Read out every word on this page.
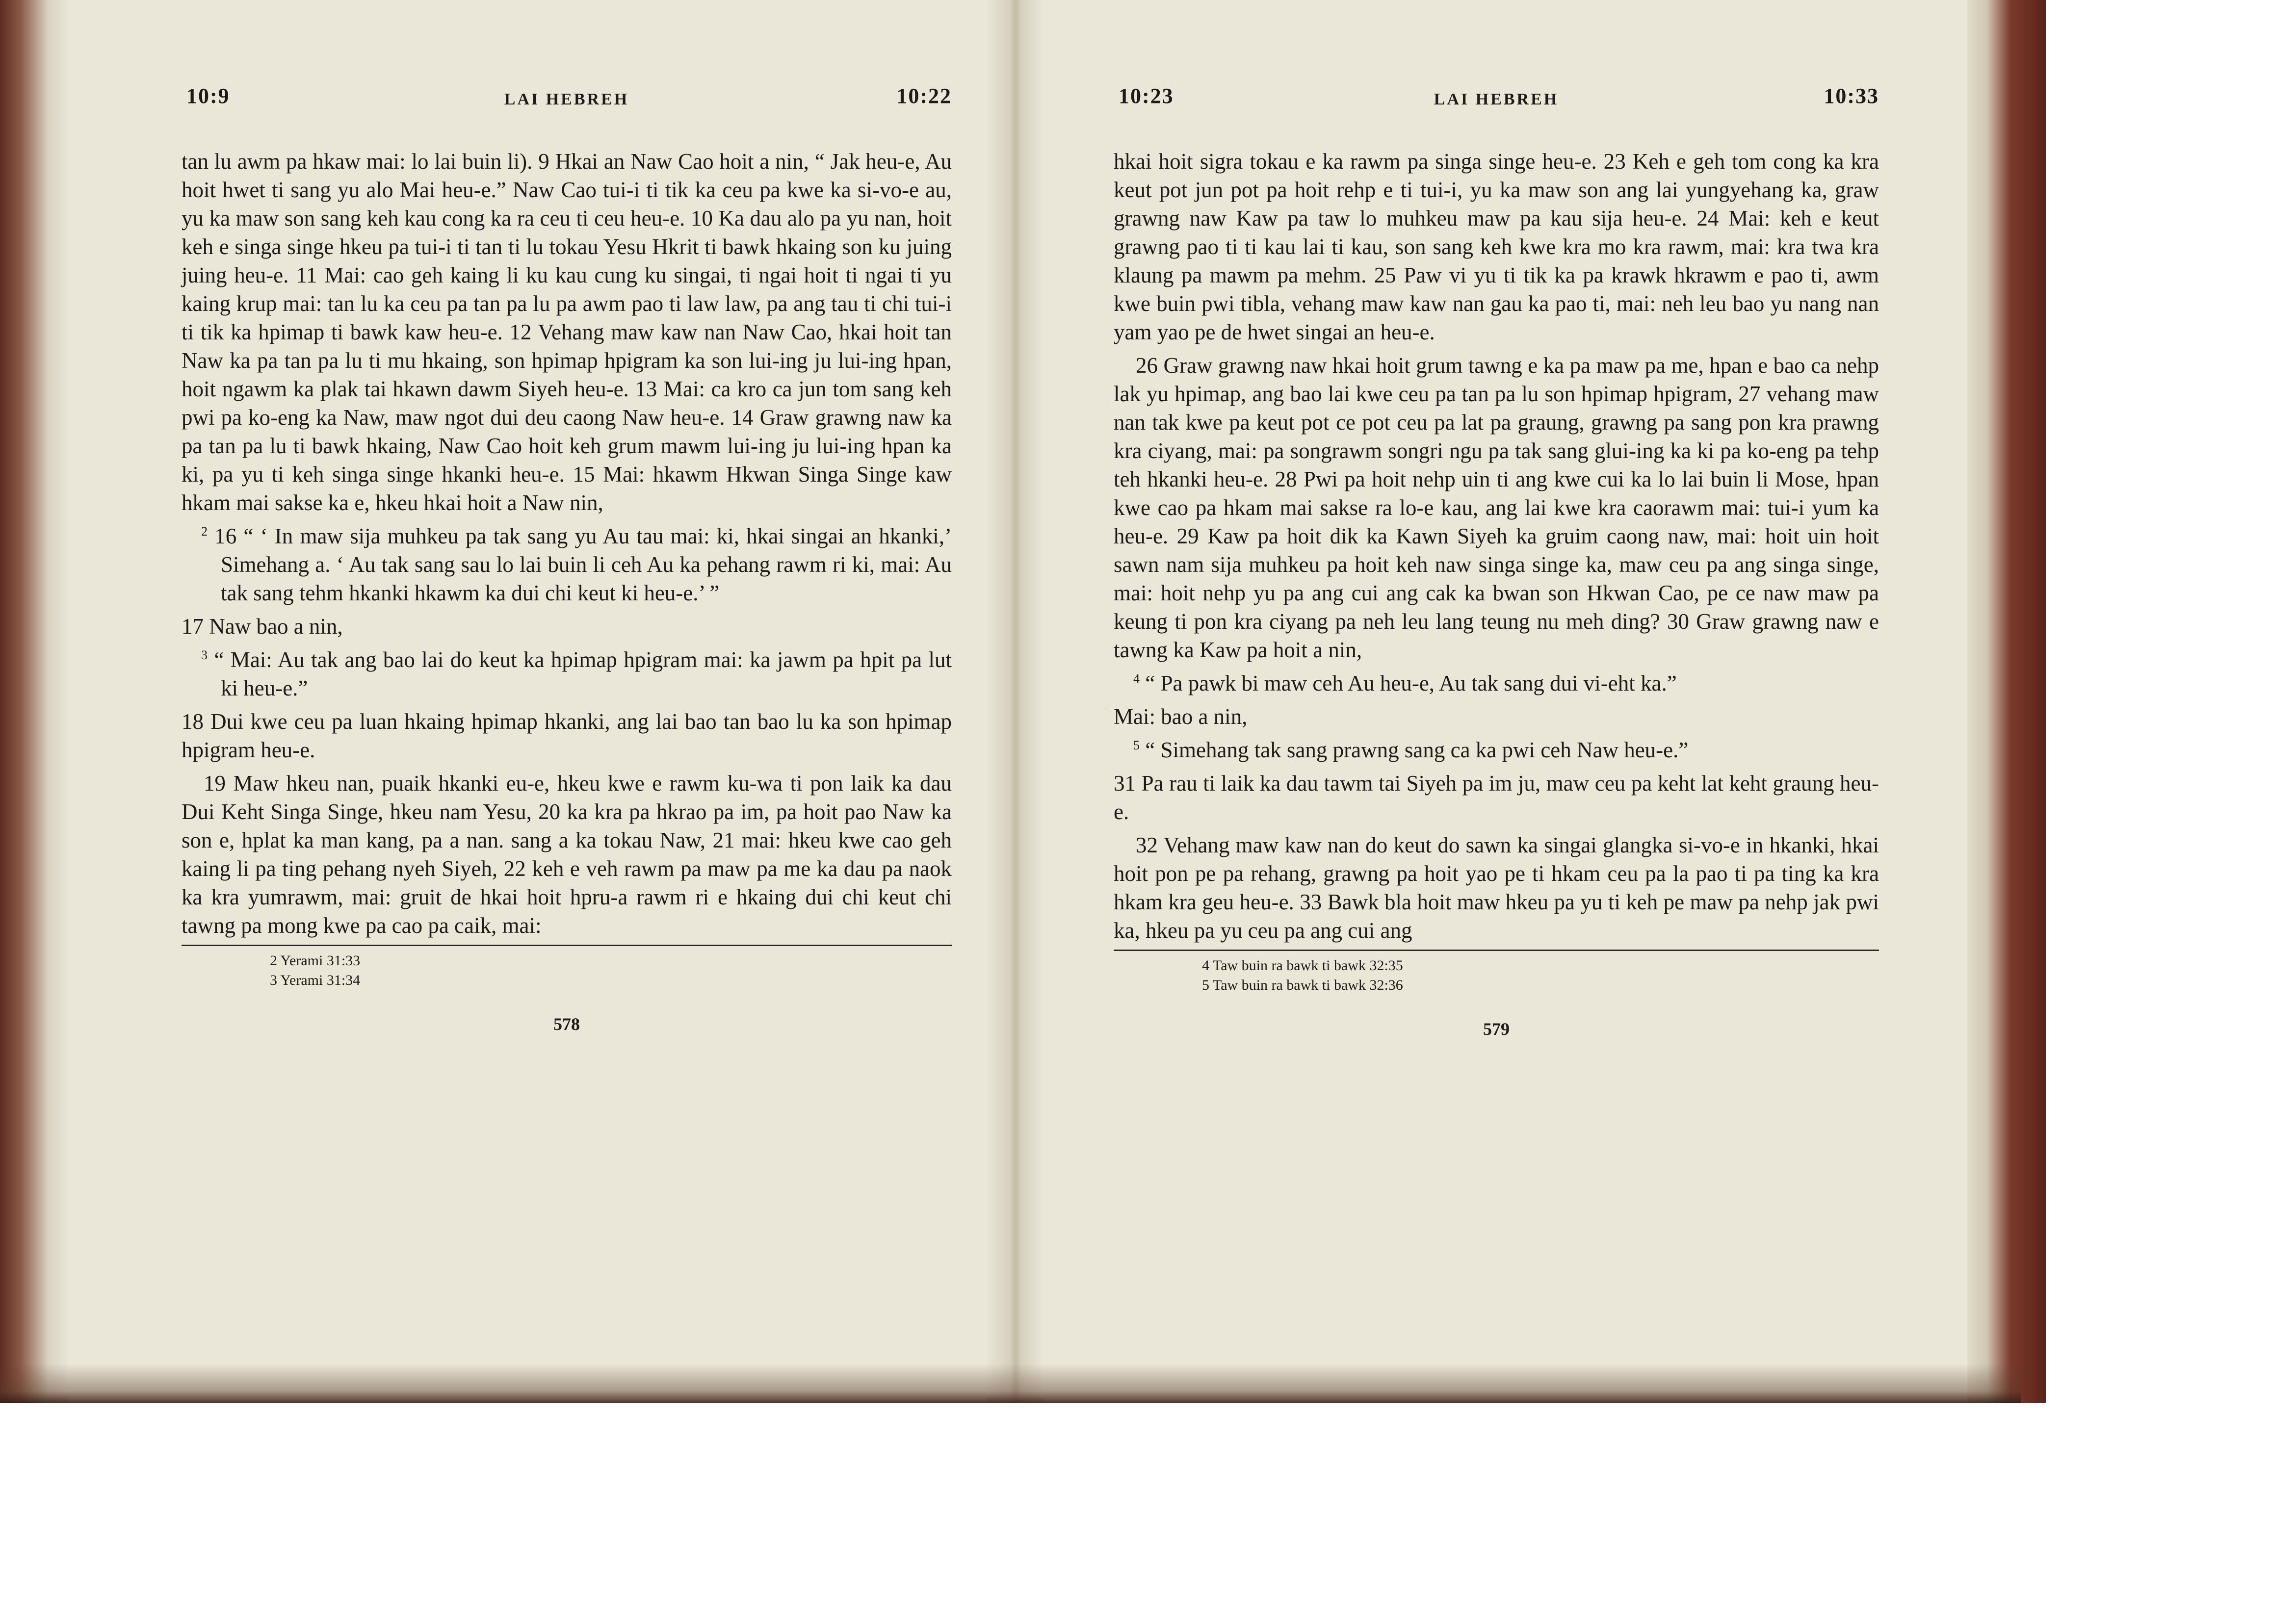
10:9	LAI HEBREH	10:22

tan lu awm pa hkaw mai: lo lai buin li). 9 Hkai an Naw Cao hoit a nin, “ Jak heu-e, Au hoit hwet ti sang yu alo Mai heu-e.” Naw Cao tui-i ti tik ka ceu pa kwe ka si-vo-e au, yu ka maw son sang keh kau cong ka ra ceu ti ceu heu-e. 10 Ka dau alo pa yu nan, hoit keh e singa singe hkeu pa tui-i ti tan ti lu tokau Yesu Hkrit ti bawk hkaing son ku juing juing heu-e. 11 Mai: cao geh kaing li ku kau cung ku singai, ti ngai hoit ti ngai ti yu kaing krup mai: tan lu ka ceu pa tan pa lu pa awm pao ti law law, pa ang tau ti chi tui-i ti tik ka hpimap ti bawk kaw heu-e. 12 Vehang maw kaw nan Naw Cao, hkai hoit tan Naw ka pa tan pa lu ti mu hkaing, son hpimap hpigram ka son lui-ing ju lui-ing hpan, hoit ngawm ka plak tai hkawn dawm Siyeh heu-e. 13 Mai: ca kro ca jun tom sang keh pwi pa ko-eng ka Naw, maw ngot dui deu caong Naw heu-e. 14 Graw grawng naw ka pa tan pa lu ti bawk hkaing, Naw Cao hoit keh grum mawm lui-ing ju lui-ing hpan ka ki, pa yu ti keh singa singe hkanki heu-e. 15 Mai: hkawm Hkwan Singa Singe kaw hkam mai sakse ka e, hkeu hkai hoit a Naw nin,

$^2$ 16 “ ‘ In maw sija muhkeu pa tak sang yu Au tau mai: ki, hkai singai an hkanki,’ Simehang a. ‘ Au tak sang sau lo lai buin li ceh Au ka pehang rawm ri ki, mai: Au tak sang tehm hkanki hkawm ka dui chi keut ki heu-e.’ ”

17 Naw bao a nin,

$^3$ “ Mai: Au tak ang bao lai do keut ka hpimap hpigram mai: ka jawm pa hpit pa lut ki heu-e.”

18 Dui kwe ceu pa luan hkaing hpimap hkanki, ang lai bao tan bao lu ka son hpimap hpigram heu-e.

19 Maw hkeu nan, puaik hkanki eu-e, hkeu kwe e rawm ku-wa ti pon laik ka dau Dui Keht Singa Singe, hkeu nam Yesu, 20 ka kra pa hkrao pa im, pa hoit pao Naw ka son e, hplat ka man kang, pa a nan. sang a ka tokau Naw, 21 mai: hkeu kwe cao geh kaing li pa ting pehang nyeh Siyeh, 22 keh e veh rawm pa maw pa me ka dau pa naok ka kra yumrawm, mai: gruit de hkai hoit hpru-a rawm ri e hkaing dui chi keut chi tawng pa mong kwe pa cao pa caik, mai:

2 Yerami 31:33
3 Yerami 31:34
578
10:23	LAI HEBREH	10:33

hkai hoit sigra tokau e ka rawm pa singa singe heu-e. 23 Keh e geh tom cong ka kra keut pot jun pot pa hoit rehp e ti tui-i, yu ka maw son ang lai yungyehang ka, graw grawng naw Kaw pa taw lo muhkeu maw pa kau sija heu-e. 24 Mai: keh e keut grawng pao ti ti kau lai ti kau, son sang keh kwe kra mo kra rawm, mai: kra twa kra klaung pa mawm pa mehm. 25 Paw vi yu ti tik ka pa krawk hkrawm e pao ti, awm kwe buin pwi tibla, vehang maw kaw nan gau ka pao ti, mai: neh leu bao yu nang nan yam yao pe de hwet singai an heu-e.

26 Graw grawng naw hkai hoit grum tawng e ka pa maw pa me, hpan e bao ca nehp lak yu hpimap, ang bao lai kwe ceu pa tan pa lu son hpimap hpigram, 27 vehang maw nan tak kwe pa keut pot ce pot ceu pa lat pa graung, grawng pa sang pon kra prawng kra ciyang, mai: pa songrawm songri ngu pa tak sang glui-ing ka ki pa ko-eng pa tehp teh hkanki heu-e. 28 Pwi pa hoit nehp uin ti ang kwe cui ka lo lai buin li Mose, hpan kwe cao pa hkam mai sakse ra lo-e kau, ang lai kwe kra caorawm mai: tui-i yum ka heu-e. 29 Kaw pa hoit dik ka Kawn Siyeh ka gruim caong naw, mai: hoit uin hoit sawn nam sija muhkeu pa hoit keh naw singa singe ka, maw ceu pa ang singa singe, mai: hoit nehp yu pa ang cui ang cak ka bwan son Hkwan Cao, pe ce naw maw pa keung ti pon kra ciyang pa neh leu lang teung nu meh ding? 30 Graw grawng naw e tawng ka Kaw pa hoit a nin,

$^4$ “ Pa pawk bi maw ceh Au heu-e, Au tak sang dui vi-eht ka.”

Mai: bao a nin,

$^5$ “ Simehang tak sang prawng sang ca ka pwi ceh Naw heu-e.”

31 Pa rau ti laik ka dau tawm tai Siyeh pa im ju, maw ceu pa keht lat keht graung heu-e.

32 Vehang maw kaw nan do keut do sawn ka singai glangka si-vo-e in hkanki, hkai hoit pon pe pa rehang, grawng pa hoit yao pe ti hkam ceu pa la pao ti pa ting ka kra hkam kra geu heu-e. 33 Bawk bla hoit maw hkeu pa yu ti keh pe maw pa nehp jak pwi ka, hkeu pa yu ceu pa ang cui ang

4 Taw buin ra bawk ti bawk 32:35
5 Taw buin ra bawk ti bawk 32:36
579
